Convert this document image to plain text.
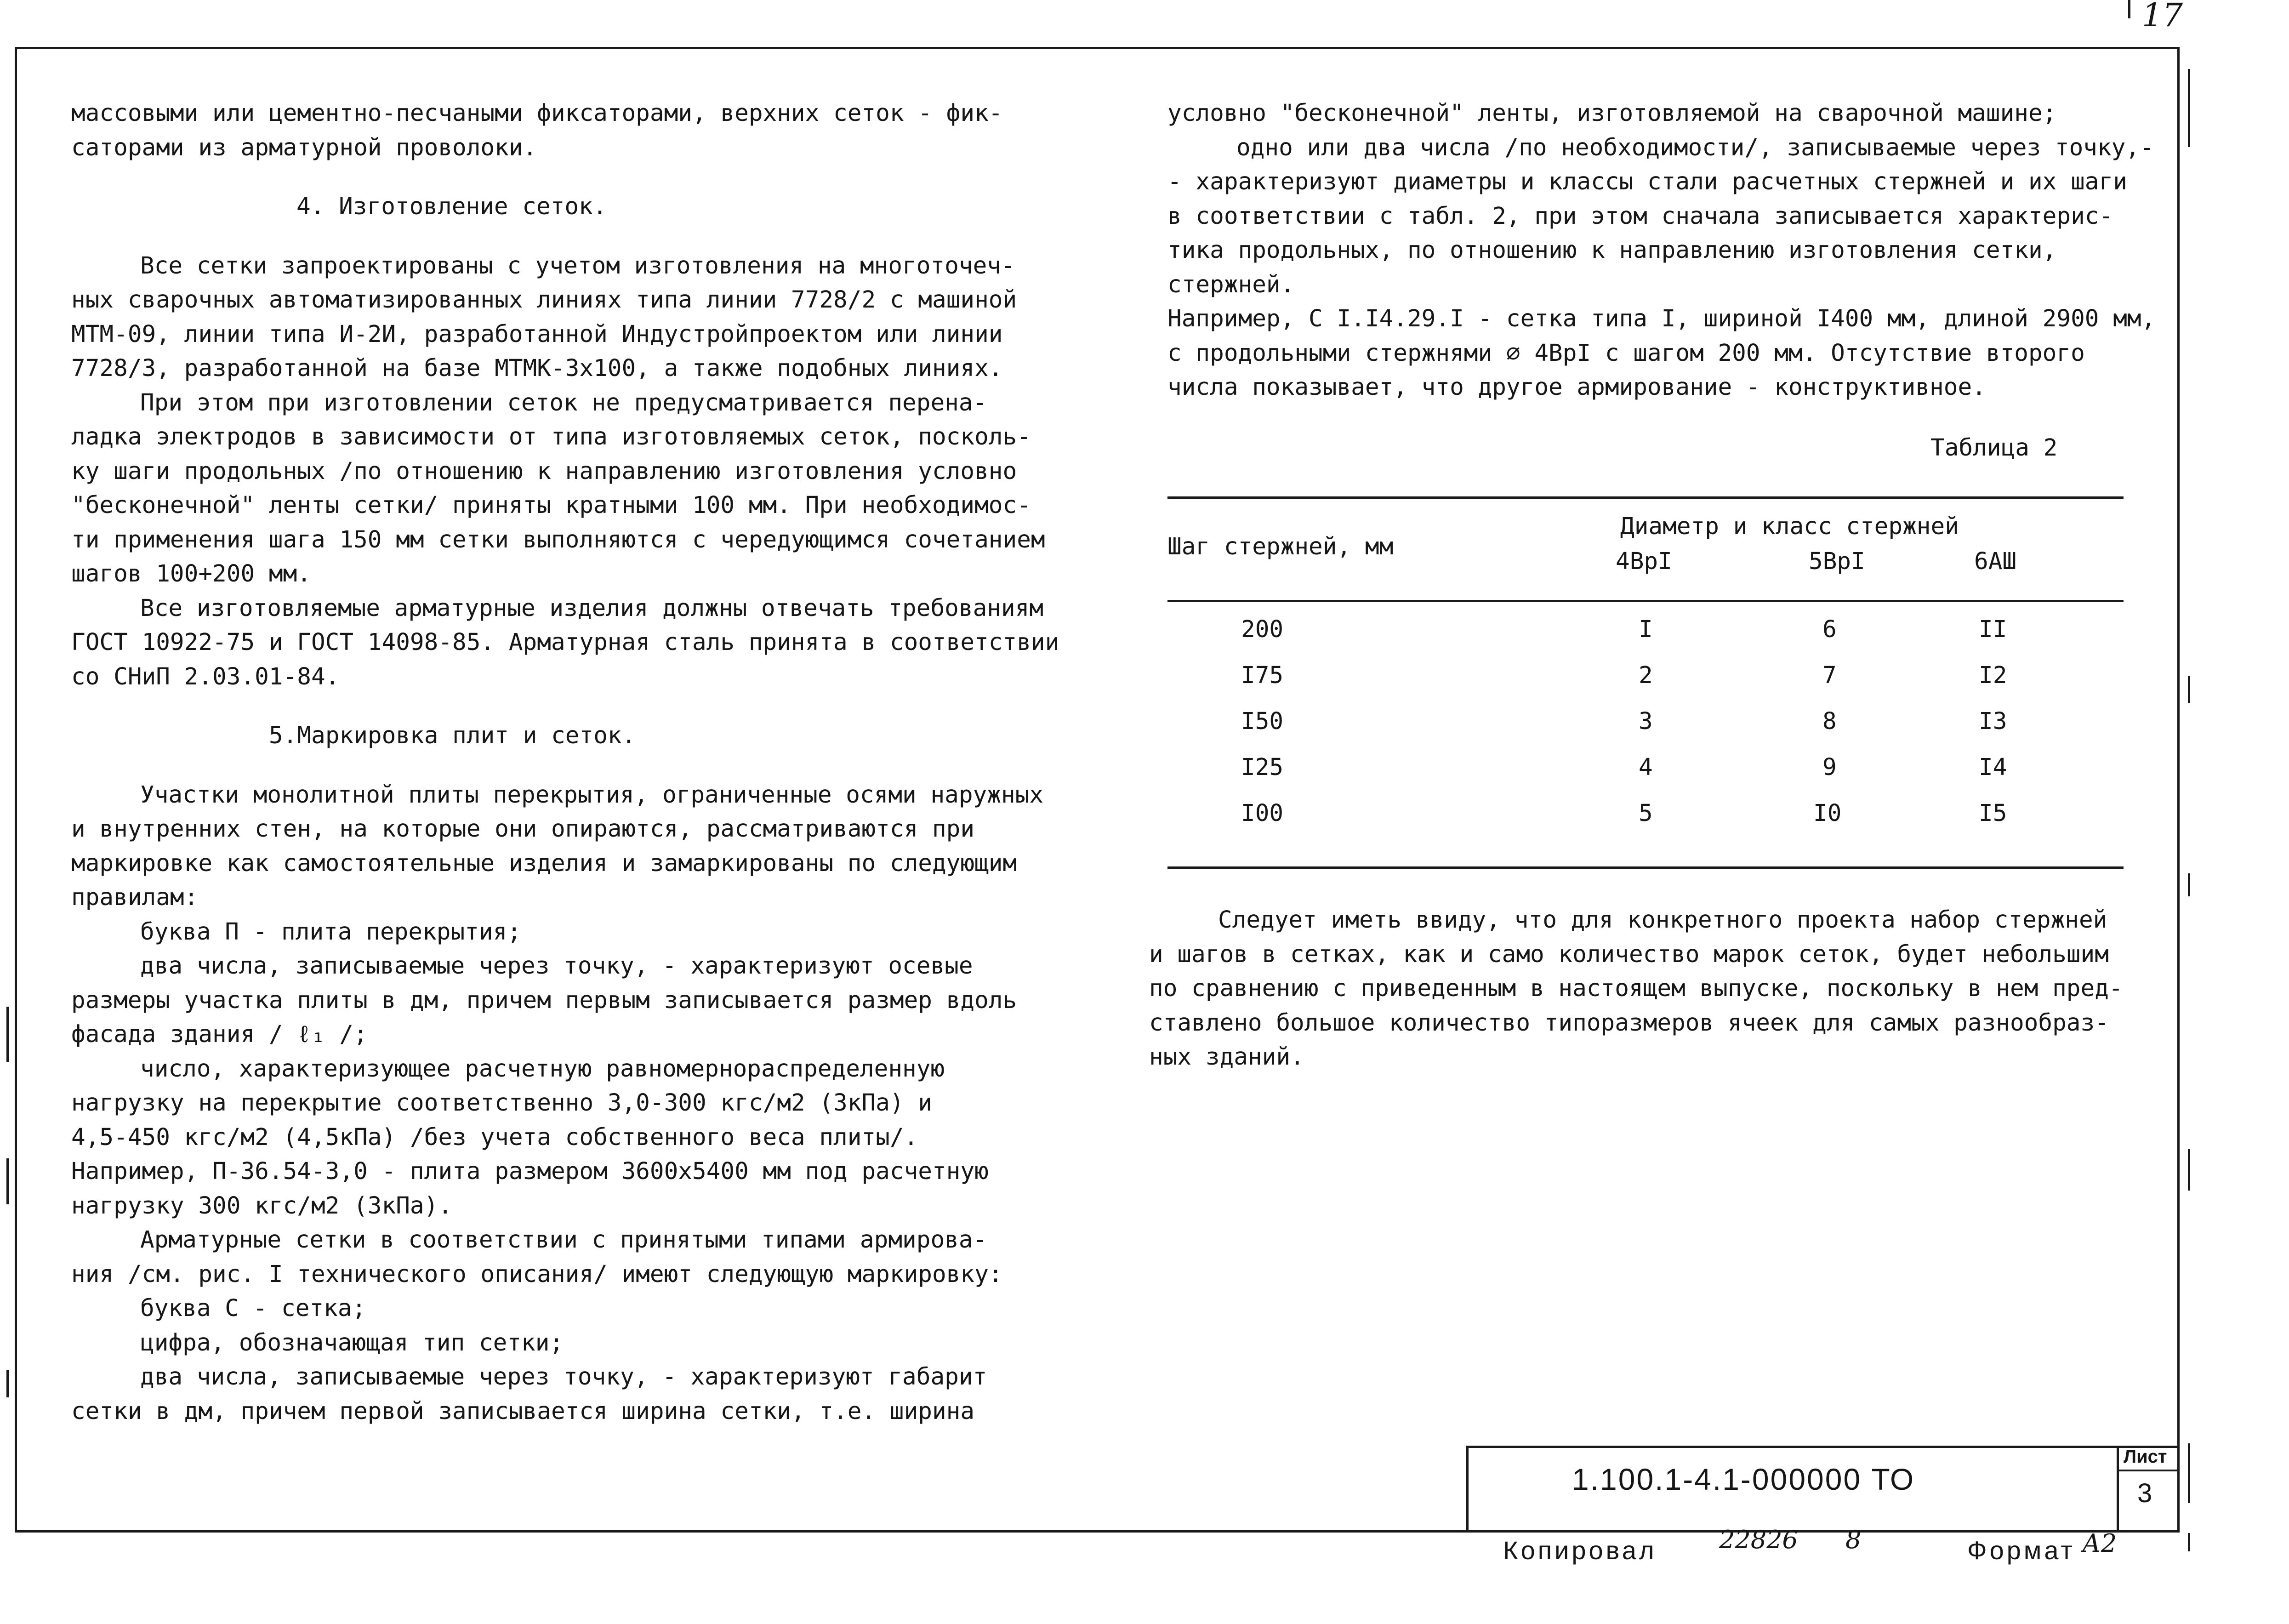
17

массовыми или цементно-песчаными фиксаторами, верхних сеток - фик-

саторами из арматурной проволоки.

4. Изготовление сеток.

Все сетки запроектированы с учетом изготовления на многоточеч-

ных сварочных автоматизированных линиях типа линии 7728/2 с машиной

МТМ-09, линии типа И-2И, разработанной Индустройпроектом или линии

7728/3, разработанной на базе МТМК-3х100, а также подобных линиях.

При этом при изготовлении сеток не предусматривается перена-

ладка электродов в зависимости от типа изготовляемых сеток, посколь-

ку шаги продольных /по отношению к направлению изготовления условно

"бесконечной" ленты сетки/ приняты кратными 100 мм. При необходимос-

ти применения шага 150 мм сетки выполняются с чередующимся сочетанием

шагов 100+200 мм.

Все изготовляемые арматурные изделия должны отвечать требованиям

ГОСТ 10922-75 и ГОСТ 14098-85. Арматурная сталь принята в соответствии

со СНиП 2.03.01-84.

5.Маркировка плит и сеток.

Участки монолитной плиты перекрытия, ограниченные осями наружных

и внутренних стен, на которые они опираются, рассматриваются при

маркировке как самостоятельные изделия и замаркированы по следующим

правилам:

буква П - плита перекрытия;

два числа, записываемые через точку, - характеризуют осевые

размеры участка плиты в дм, причем первым записывается размер вдоль

фасада здания / ℓ₁ /;

число, характеризующее расчетную равномернораспределенную

нагрузку на перекрытие соответственно 3,0-300 кгс/м2 (3кПа) и

4,5-450 кгс/м2 (4,5кПа) /без учета собственного веса плиты/.

Например, П-36.54-3,0 - плита размером 3600х5400 мм под расчетную

нагрузку 300 кгс/м2 (3кПа).

Арматурные сетки в соответствии с принятыми типами армирова-

ния /см. рис. I технического описания/ имеют следующую маркировку:

буква С - сетка;

цифра, обозначающая тип сетки;

два числа, записываемые через точку, - характеризуют габарит

сетки в дм, причем первой записывается ширина сетки, т.е. ширина

условно "бесконечной" ленты, изготовляемой на сварочной машине;

одно или два числа /по необходимости/, записываемые через точку,-

- характеризуют диаметры и классы стали расчетных стержней и их шаги

в соответствии с табл. 2, при этом сначала записывается характерис-

тика продольных, по отношению к направлению изготовления сетки,

стержней.

Например, С I.I4.29.I - сетка типа I, шириной I400 мм, длиной 2900 мм,

с продольными стержнями ∅ 4ВрI с шагом 200 мм. Отсутствие второго

числа показывает, что другое армирование - конструктивное.

Таблица 2
Диаметр и класс стержней
Шаг стержней, мм
4ВрI	5ВрI	6АШ
200	I	6	II
I75	2	7	I2
I50	3	8	I3
I25	4	9	I4
I00	5	I0	I5

Следует иметь ввиду, что для конкретного проекта набор стержней

и шагов в сетках, как и само количество марок сеток, будет небольшим

по сравнению с приведенным в настоящем выпуске, поскольку в нем пред-

ставлено большое количество типоразмеров ячеек для самых разнообраз-

ных зданий.

1.100.1-4.1-000000 ТО
Лист
3
Копировал	22826 8	Формат А2
